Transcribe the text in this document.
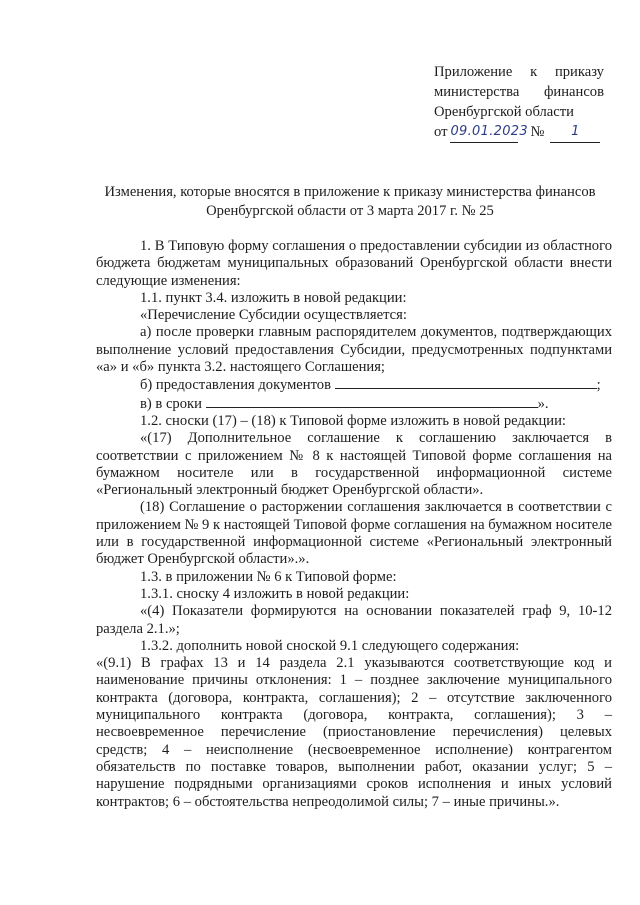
Приложение к приказу
министерства финансов
Оренбургской области
от 09.01.2023 №	1
Изменения, которые вносятся в приложение к приказу министерства финансов
Оренбургской области от 3 марта 2017 г. № 25

1. В Типовую форму соглашения о предоставлении субсидии из областного бюджета бюджетам муниципальных образований Оренбургской области внести следующие изменения:

1.1. пункт 3.4. изложить в новой редакции:

«Перечисление Субсидии осуществляется:

а) после проверки главным распорядителем документов, подтверждающих выполнение условий предоставления Субсидии, предусмотренных подпунктами «а» и «б» пункта 3.2. настоящего Соглашения;

б) предоставления документов	;

в) в сроки	».

1.2. сноски (17) – (18) к Типовой форме изложить в новой редакции:

«(17) Дополнительное соглашение к соглашению заключается в соответствии с приложением № 8 к настоящей Типовой форме соглашения на бумажном носителе или в государственной информационной системе «Региональный электронный бюджет Оренбургской области».

(18) Соглашение о расторжении соглашения заключается в соответствии с приложением № 9 к настоящей Типовой форме соглашения на бумажном носителе или в государственной информационной системе «Региональный электронный бюджет Оренбургской области».».

1.3. в приложении № 6 к Типовой форме:

1.3.1. сноску 4 изложить в новой редакции:

«(4) Показатели формируются на основании показателей граф 9, 10-12 раздела 2.1.»;

1.3.2. дополнить новой сноской 9.1 следующего содержания:

«(9.1) В графах 13 и 14 раздела 2.1 указываются соответствующие код и наименование причины отклонения: 1 – позднее заключение муниципального контракта (договора, контракта, соглашения); 2 – отсутствие заключенного муниципального контракта (договора, контракта, соглашения); 3 – несвоевременное перечисление (приостановление перечисления) целевых средств; 4 – неисполнение (несвоевременное исполнение) контрагентом обязательств по поставке товаров, выполнении работ, оказании услуг; 5 – нарушение подрядными организациями сроков исполнения и иных условий контрактов; 6 – обстоятельства непреодолимой силы; 7 – иные причины.».
